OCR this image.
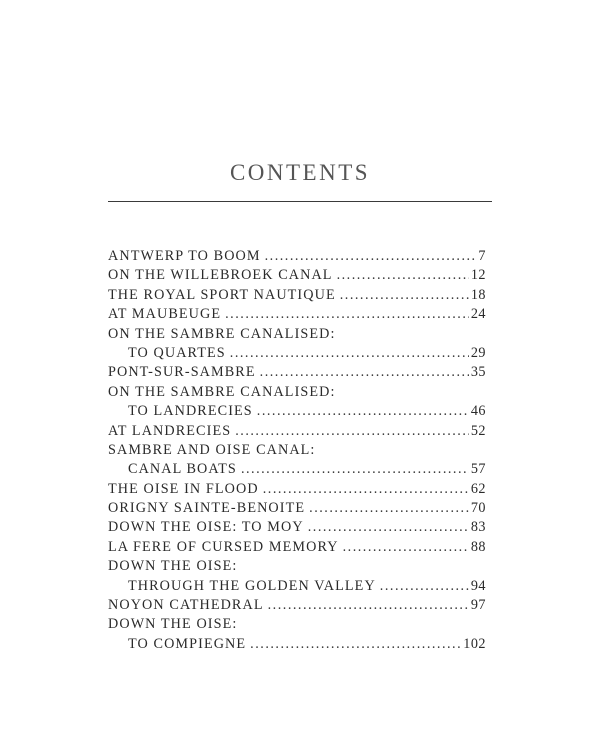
CONTENTS
ANTWERP TO BOOM .....	7
ON THE WILLEBROEK CANAL .....	12
THE ROYAL SPORT NAUTIQUE .....	18
AT MAUBEUGE .....	24
ON THE SAMBRE CANALISED:
TO QUARTES .....	29
PONT-SUR-SAMBRE .....	35
ON THE SAMBRE CANALISED:
TO LANDRECIES .....	46
AT LANDRECIES .....	52
SAMBRE AND OISE CANAL:
CANAL BOATS .....	57
THE OISE IN FLOOD .....	62
ORIGNY SAINTE-BENOITE .....	70
DOWN THE OISE: TO MOY .....	83
LA FERE OF CURSED MEMORY .....	88
DOWN THE OISE:
THROUGH THE GOLDEN VALLEY .....	94
NOYON CATHEDRAL .....	97
DOWN THE OISE:
TO COMPIEGNE .....	102
